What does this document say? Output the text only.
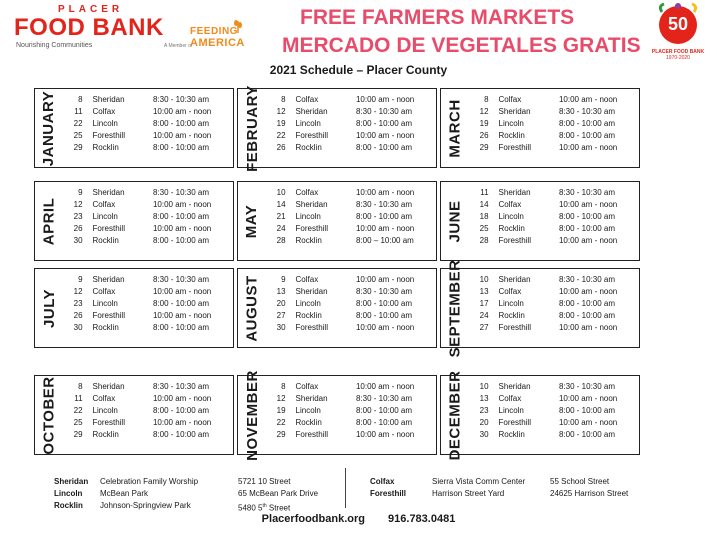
PLACER
FOOD BANK
Nourishing Communities	A Member of
FEEDING
AMERICA
FREE FARMERS MARKETS
MERCADO DE VEGETALES GRATIS
50
PLACER FOOD BANK
1970-2020
2021 Schedule – Placer County
JANUARY	8	Sheridan	8:30 - 10:30 am
11	Colfax	10:00 am - noon
22	Lincoln	8:00 - 10:00 am
25	Foresthill	10:00 am - noon
29	Rocklin	8:00 - 10:00 am	FEBRUARY	8	Colfax	10:00 am - noon
12	Sheridan	8:30 - 10:30 am
19	Lincoln	8:00 - 10:00 am
22	Foresthill	10:00 am - noon
26	Rocklin	8:00 - 10:00 am	MARCH	8	Colfax	10:00 am - noon
12	Sheridan	8:30 - 10:30 am
19	Lincoln	8:00 - 10:00 am
26	Rocklin	8:00 - 10:00 am
29	Foresthill	10:00 am - noon
APRIL
9	Sheridan	8:30 - 10:30 am
12	Colfax	10:00 am - noon
23	Lincoln	8:00 - 10:00 am
26	Foresthill	10:00 am - noon
30	Rocklin	8:00 - 10:00 am
MAY
10	Colfax	10:00 am - noon
14	Sheridan	8:30 - 10:30 am
21	Lincoln	8:00 - 10:00 am
24	Foresthill	10:00 am - noon
28	Rocklin	8:00 – 10:00 am	JUNE
11	Sheridan	8:30 - 10:30 am
14	Colfax	10:00 am - noon
18	Lincoln	8:00 - 10:00 am
25	Rocklin	8:00 - 10:00 am
28	Foresthill	10:00 am - noon
JULY
9	Sheridan	8:30 - 10:30 am
12	Colfax	10:00 am - noon
23	Lincoln	8:00 - 10:00 am
26	Foresthill	10:00 am - noon
30	Rocklin	8:00 - 10:00 am	AUGUST	9	Colfax	10:00 am - noon
13	Sheridan	8:30 - 10:30 am
20	Lincoln	8:00 - 10:00 am
27	Rocklin	8:00 - 10:00 am
30	Foresthill	10:00 am - noon	SEPTEMBER	10	Sheridan	8:30 - 10:30 am
13	Colfax	10:00 am - noon
17	Lincoln	8:00 - 10:00 am
24	Rocklin	8:00 - 10:00 am
27	Foresthill	10:00 am - noon
OCTOBER	8	Sheridan	8:30 - 10:30 am
11	Colfax	10:00 am - noon
22	Lincoln	8:00 - 10:00 am
25	Foresthill	10:00 am - noon
29	Rocklin	8:00 - 10:00 am	NOVEMBER	8	Colfax	10:00 am - noon
12	Sheridan	8:30 - 10:30 am
19	Lincoln	8:00 - 10:00 am
22	Rocklin	8:00 - 10:00 am
29	Foresthill	10:00 am - noon	DECEMBER	10	Sheridan	8:30 - 10:30 am
13	Colfax	10:00 am - noon
23	Lincoln	8:00 - 10:00 am
20	Foresthill	10:00 am - noon
30	Rocklin	8:00 - 10:00 am
Sheridan	Celebration Family Worship	5721 10 Street
Lincoln	McBean Park	65 McBean Park Drive
Rocklin	Johnson-Springview Park	5480 5th Street
Colfax	Sierra Vista Comm Center	55 School Street
Foresthill	Harrison Street Yard	24625 Harrison Street
Placerfoodbank.org 916.783.0481
